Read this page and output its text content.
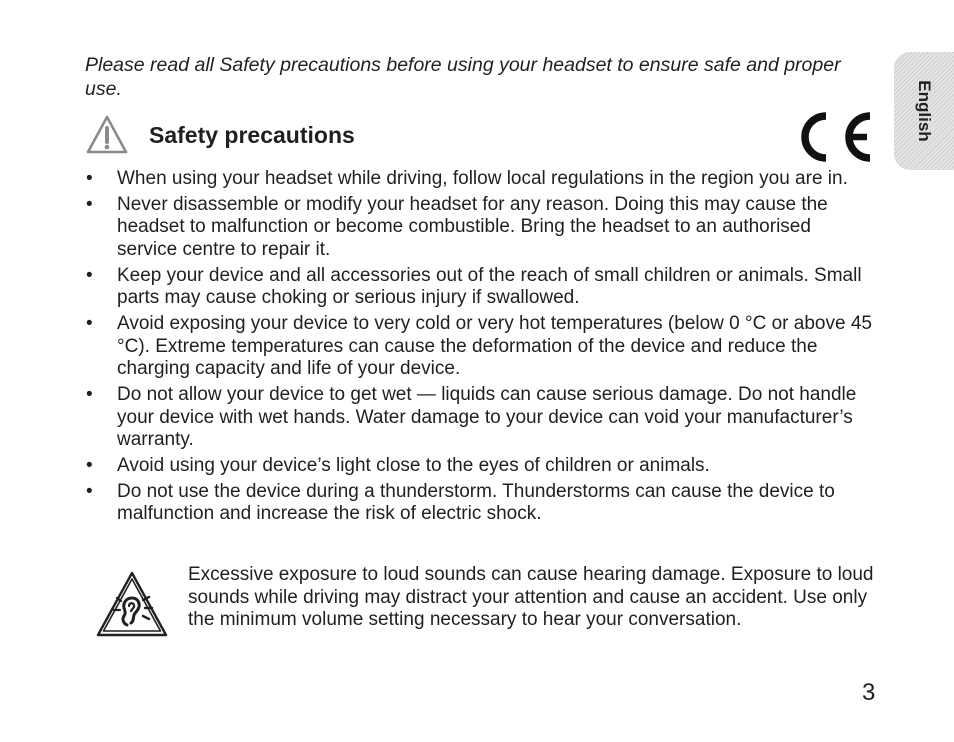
Please read all Safety precautions before using your headset to ensure safe and proper use.

Safety precautions	English
• When using your headset while driving, follow local regulations in the region you are in.
• Never disassemble or modify your headset for any reason. Doing this may cause the headset to malfunction or become combustible. Bring the headset to an authorised service centre to repair it.
• Keep your device and all accessories out of the reach of small children or animals. Small parts may cause choking or serious injury if swallowed.
• Avoid exposing your device to very cold or very hot temperatures (below 0 °C or above 45 °C). Extreme temperatures can cause the deformation of the device and reduce the charging capacity and life of your device.
• Do not allow your device to get wet — liquids can cause serious damage. Do not handle your device with wet hands. Water damage to your device can void your manufacturer’s warranty.
• Avoid using your device’s light close to the eyes of children or animals.
• Do not use the device during a thunderstorm. Thunderstorms can cause the device to malfunction and increase the risk of electric shock.

Excessive exposure to loud sounds can cause hearing damage. Exposure to loud sounds while driving may distract your attention and cause an accident. Use only the minimum volume setting necessary to hear your conversation.

3
